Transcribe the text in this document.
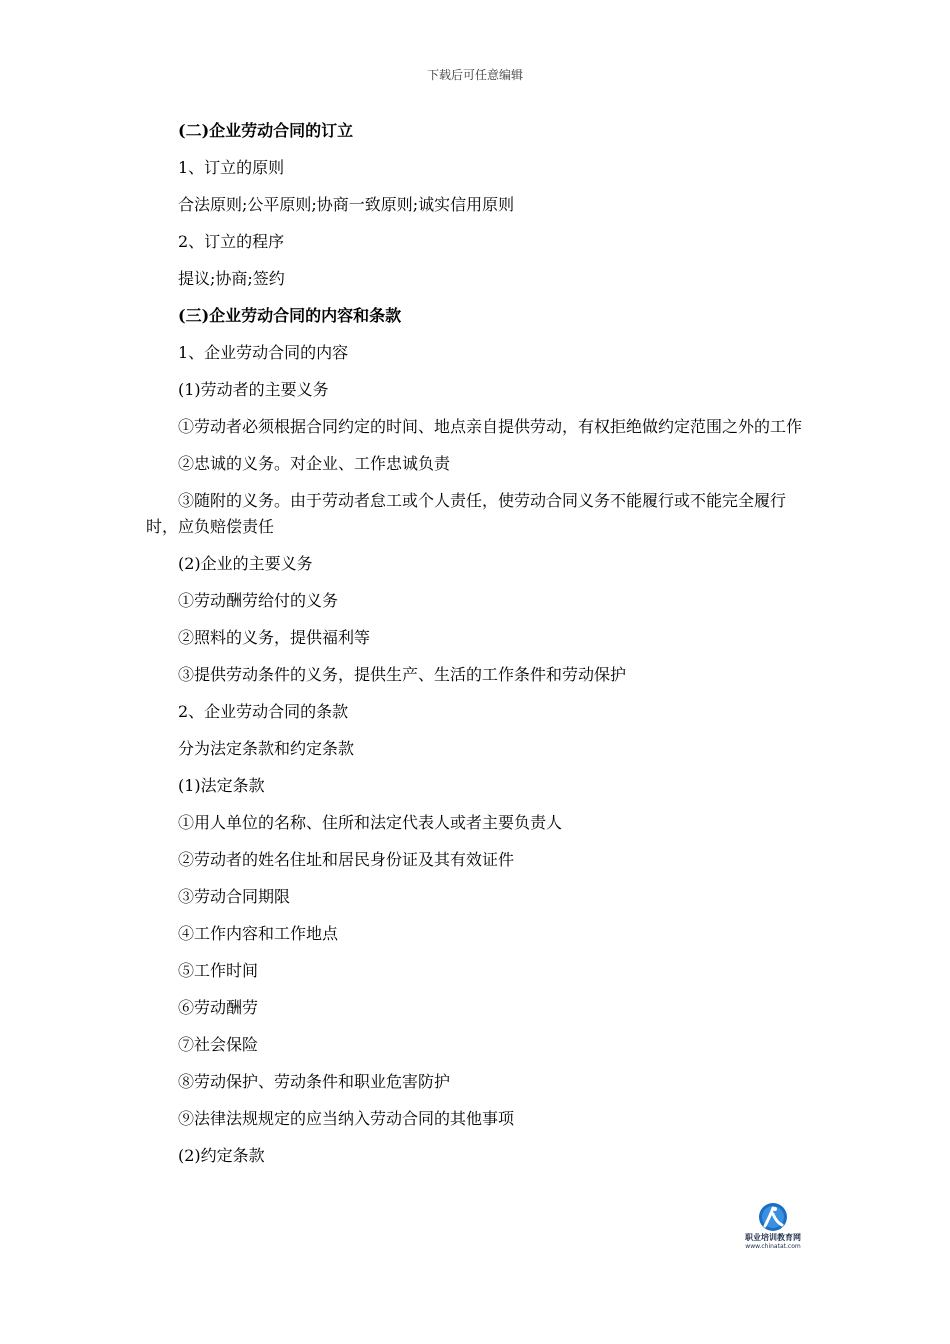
下载后可任意编辑

(二)企业劳动合同的订立

1、订立的原则

合法原则;公平原则;协商一致原则;诚实信用原则

2、订立的程序

提议;协商;签约

(三)企业劳动合同的内容和条款

1、企业劳动合同的内容

(1)劳动者的主要义务

①劳动者必须根据合同约定的时间、地点亲自提供劳动，有权拒绝做约定范围之外的工作

②忠诚的义务。对企业、工作忠诚负责

③随附的义务。由于劳动者怠工或个人责任，使劳动合同义务不能履行或不能完全履行时，应负赔偿责任

(2)企业的主要义务

①劳动酬劳给付的义务

②照料的义务，提供福利等

③提供劳动条件的义务，提供生产、生活的工作条件和劳动保护

2、企业劳动合同的条款

分为法定条款和约定条款

(1)法定条款

①用人单位的名称、住所和法定代表人或者主要负责人

②劳动者的姓名住址和居民身份证及其有效证件

③劳动合同期限

④工作内容和工作地点

⑤工作时间

⑥劳动酬劳

⑦社会保险

⑧劳动保护、劳动条件和职业危害防护

⑨法律法规规定的应当纳入劳动合同的其他事项

(2)约定条款

职业培训教育网
www.chinatat.com
